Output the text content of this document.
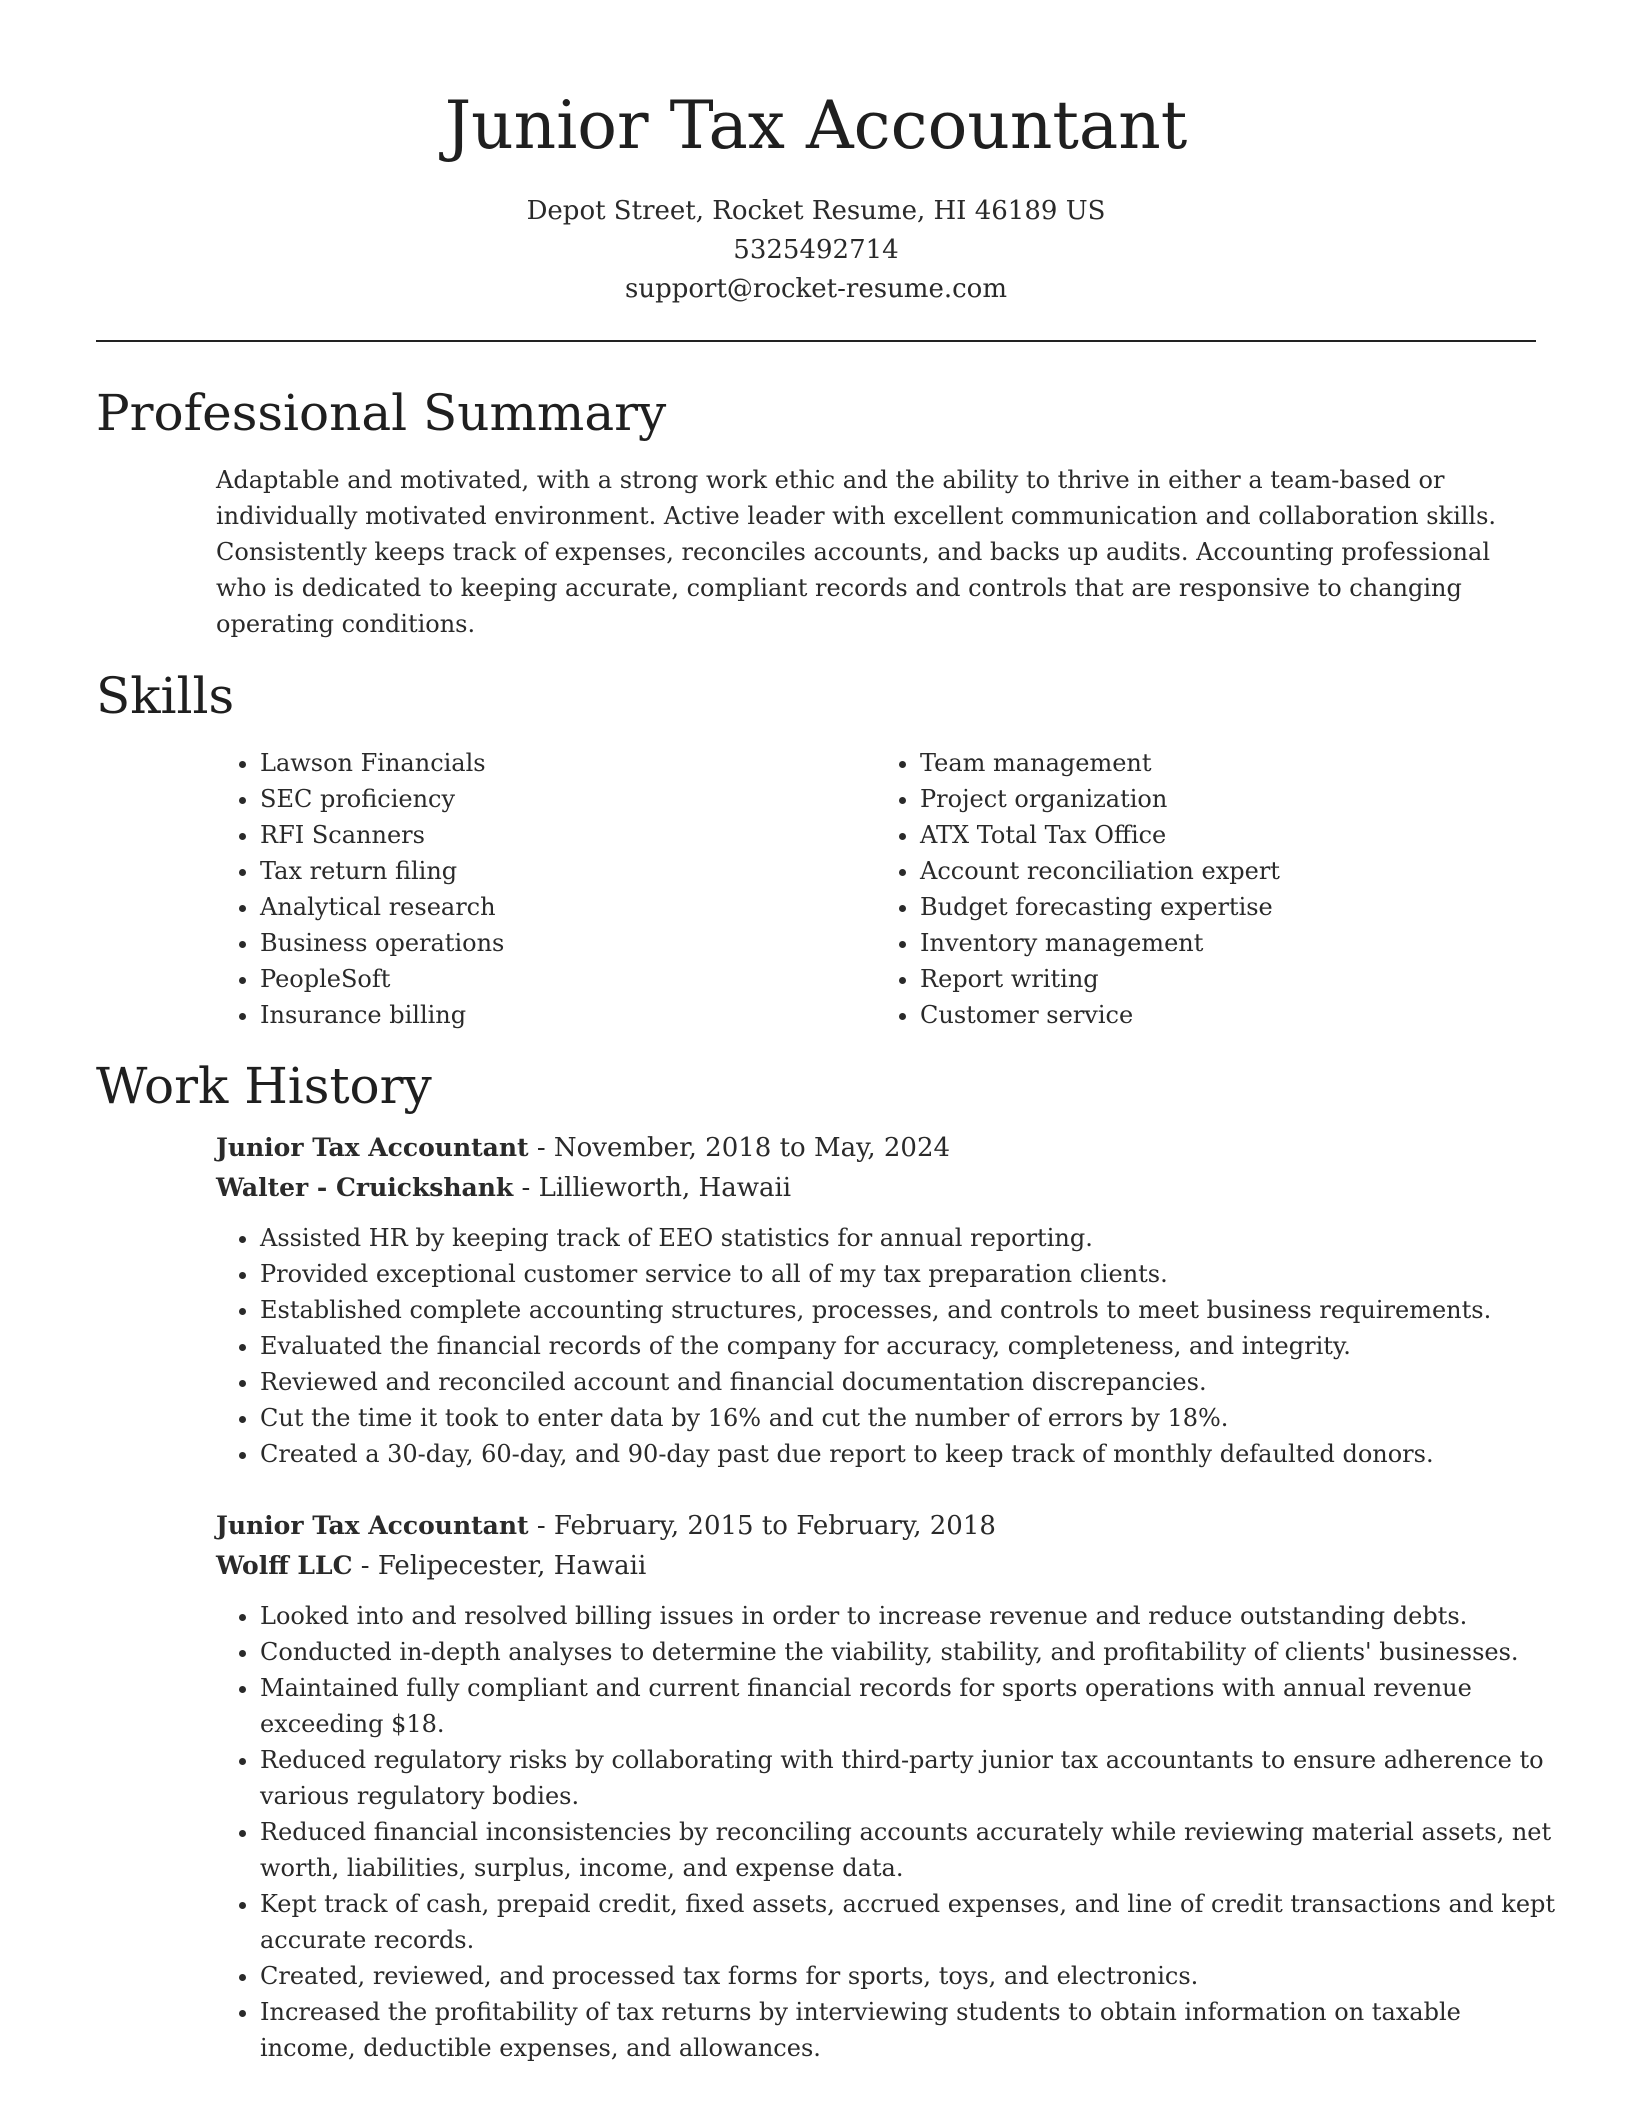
Junior Tax Accountant
Depot Street, Rocket Resume, HI 46189 US
5325492714
support@rocket-resume.com
Professional Summary

Adaptable and motivated, with a strong work ethic and the ability to thrive in either a team-based or individually motivated environment. Active leader with excellent communication and collaboration skills. Consistently keeps track of expenses, reconciles accounts, and backs up audits. Accounting professional who is dedicated to keeping accurate, compliant records and controls that are responsive to changing operating conditions.

Skills
• Lawson Financials
• SEC proficiency
• RFI Scanners
• Tax return filing
• Analytical research
• Business operations
• PeopleSoft
• Insurance billing
• Team management
• Project organization
• ATX Total Tax Office
• Account reconciliation expert
• Budget forecasting expertise
• Inventory management
• Report writing
• Customer service
Work History

Junior Tax Accountant - November, 2018 to May, 2024

Walter - Cruickshank - Lillieworth, Hawaii

• Assisted HR by keeping track of EEO statistics for annual reporting.
• Provided exceptional customer service to all of my tax preparation clients.
• Established complete accounting structures, processes, and controls to meet business requirements.
• Evaluated the financial records of the company for accuracy, completeness, and integrity.
• Reviewed and reconciled account and financial documentation discrepancies.
• Cut the time it took to enter data by 16% and cut the number of errors by 18%.
• Created a 30-day, 60-day, and 90-day past due report to keep track of monthly defaulted donors.

Junior Tax Accountant - February, 2015 to February, 2018

Wolff LLC - Felipecester, Hawaii

• Looked into and resolved billing issues in order to increase revenue and reduce outstanding debts.
• Conducted in-depth analyses to determine the viability, stability, and profitability of clients' businesses.
• Maintained fully compliant and current financial records for sports operations with annual revenue exceeding $18.
• Reduced regulatory risks by collaborating with third-party junior tax accountants to ensure adherence to various regulatory bodies.
• Reduced financial inconsistencies by reconciling accounts accurately while reviewing material assets, net worth, liabilities, surplus, income, and expense data.
• Kept track of cash, prepaid credit, fixed assets, accrued expenses, and line of credit transactions and kept accurate records.
• Created, reviewed, and processed tax forms for sports, toys, and electronics.
• Increased the profitability of tax returns by interviewing students to obtain information on taxable income, deductible expenses, and allowances.
